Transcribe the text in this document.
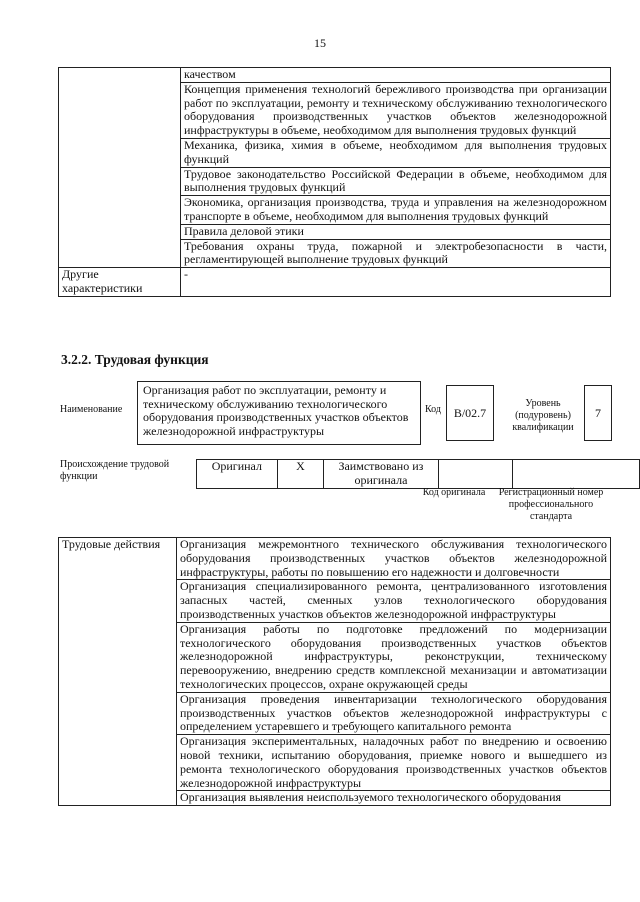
15
	качеством
	Концепция применения технологий бережливого производства при организации работ по эксплуатации, ремонту и техническому обслуживанию технологического оборудования производственных участков объектов железнодорожной инфраструктуры в объеме, необходимом для выполнения трудовых функций
	Механика, физика, химия в объеме, необходимом для выполнения трудовых функций
	Трудовое законодательство Российской Федерации в объеме, необходимом для выполнения трудовых функций
	Экономика, организация производства, труда и управления на железнодорожном транспорте в объеме, необходимом для выполнения трудовых функций
	Правила деловой этики
	Требования охраны труда, пожарной и электробезопасности в части, регламентирующей выполнение трудовых функций
Другие характеристики	-
3.2.2. Трудовая функция
Наименование
Организация работ по эксплуатации, ремонту и техническому обслуживанию технологического оборудования производственных участков объектов железнодорожной инфраструктуры
Код	B/02.7
Уровень (подуровень) квалификации
7
Происхождение трудовой функции
Оригинал	X	Заимствовано из оригинала		
Код оригинала	Регистрационный номер профессионального стандарта
Трудовые действия	Организация межремонтного технического обслуживания технологического оборудования производственных участков объектов железнодорожной инфраструктуры, работы по повышению его надежности и долговечности
Организация специализированного ремонта, централизованного изготовления запасных частей, сменных узлов технологического оборудования производственных участков объектов железнодорожной инфраструктуры
Организация работы по подготовке предложений по модернизации технологического оборудования производственных участков объектов железнодорожной инфраструктуры, реконструкции, техническому перевооружению, внедрению средств комплексной механизации и автоматизации технологических процессов, охране окружающей среды
Организация проведения инвентаризации технологического оборудования производственных участков объектов железнодорожной инфраструктуры с определением устаревшего и требующего капитального ремонта
Организация экспериментальных, наладочных работ по внедрению и освоению новой техники, испытанию оборудования, приемке нового и вышедшего из ремонта технологического оборудования производственных участков объектов железнодорожной инфраструктуры
Организация выявления неиспользуемого технологического оборудования
